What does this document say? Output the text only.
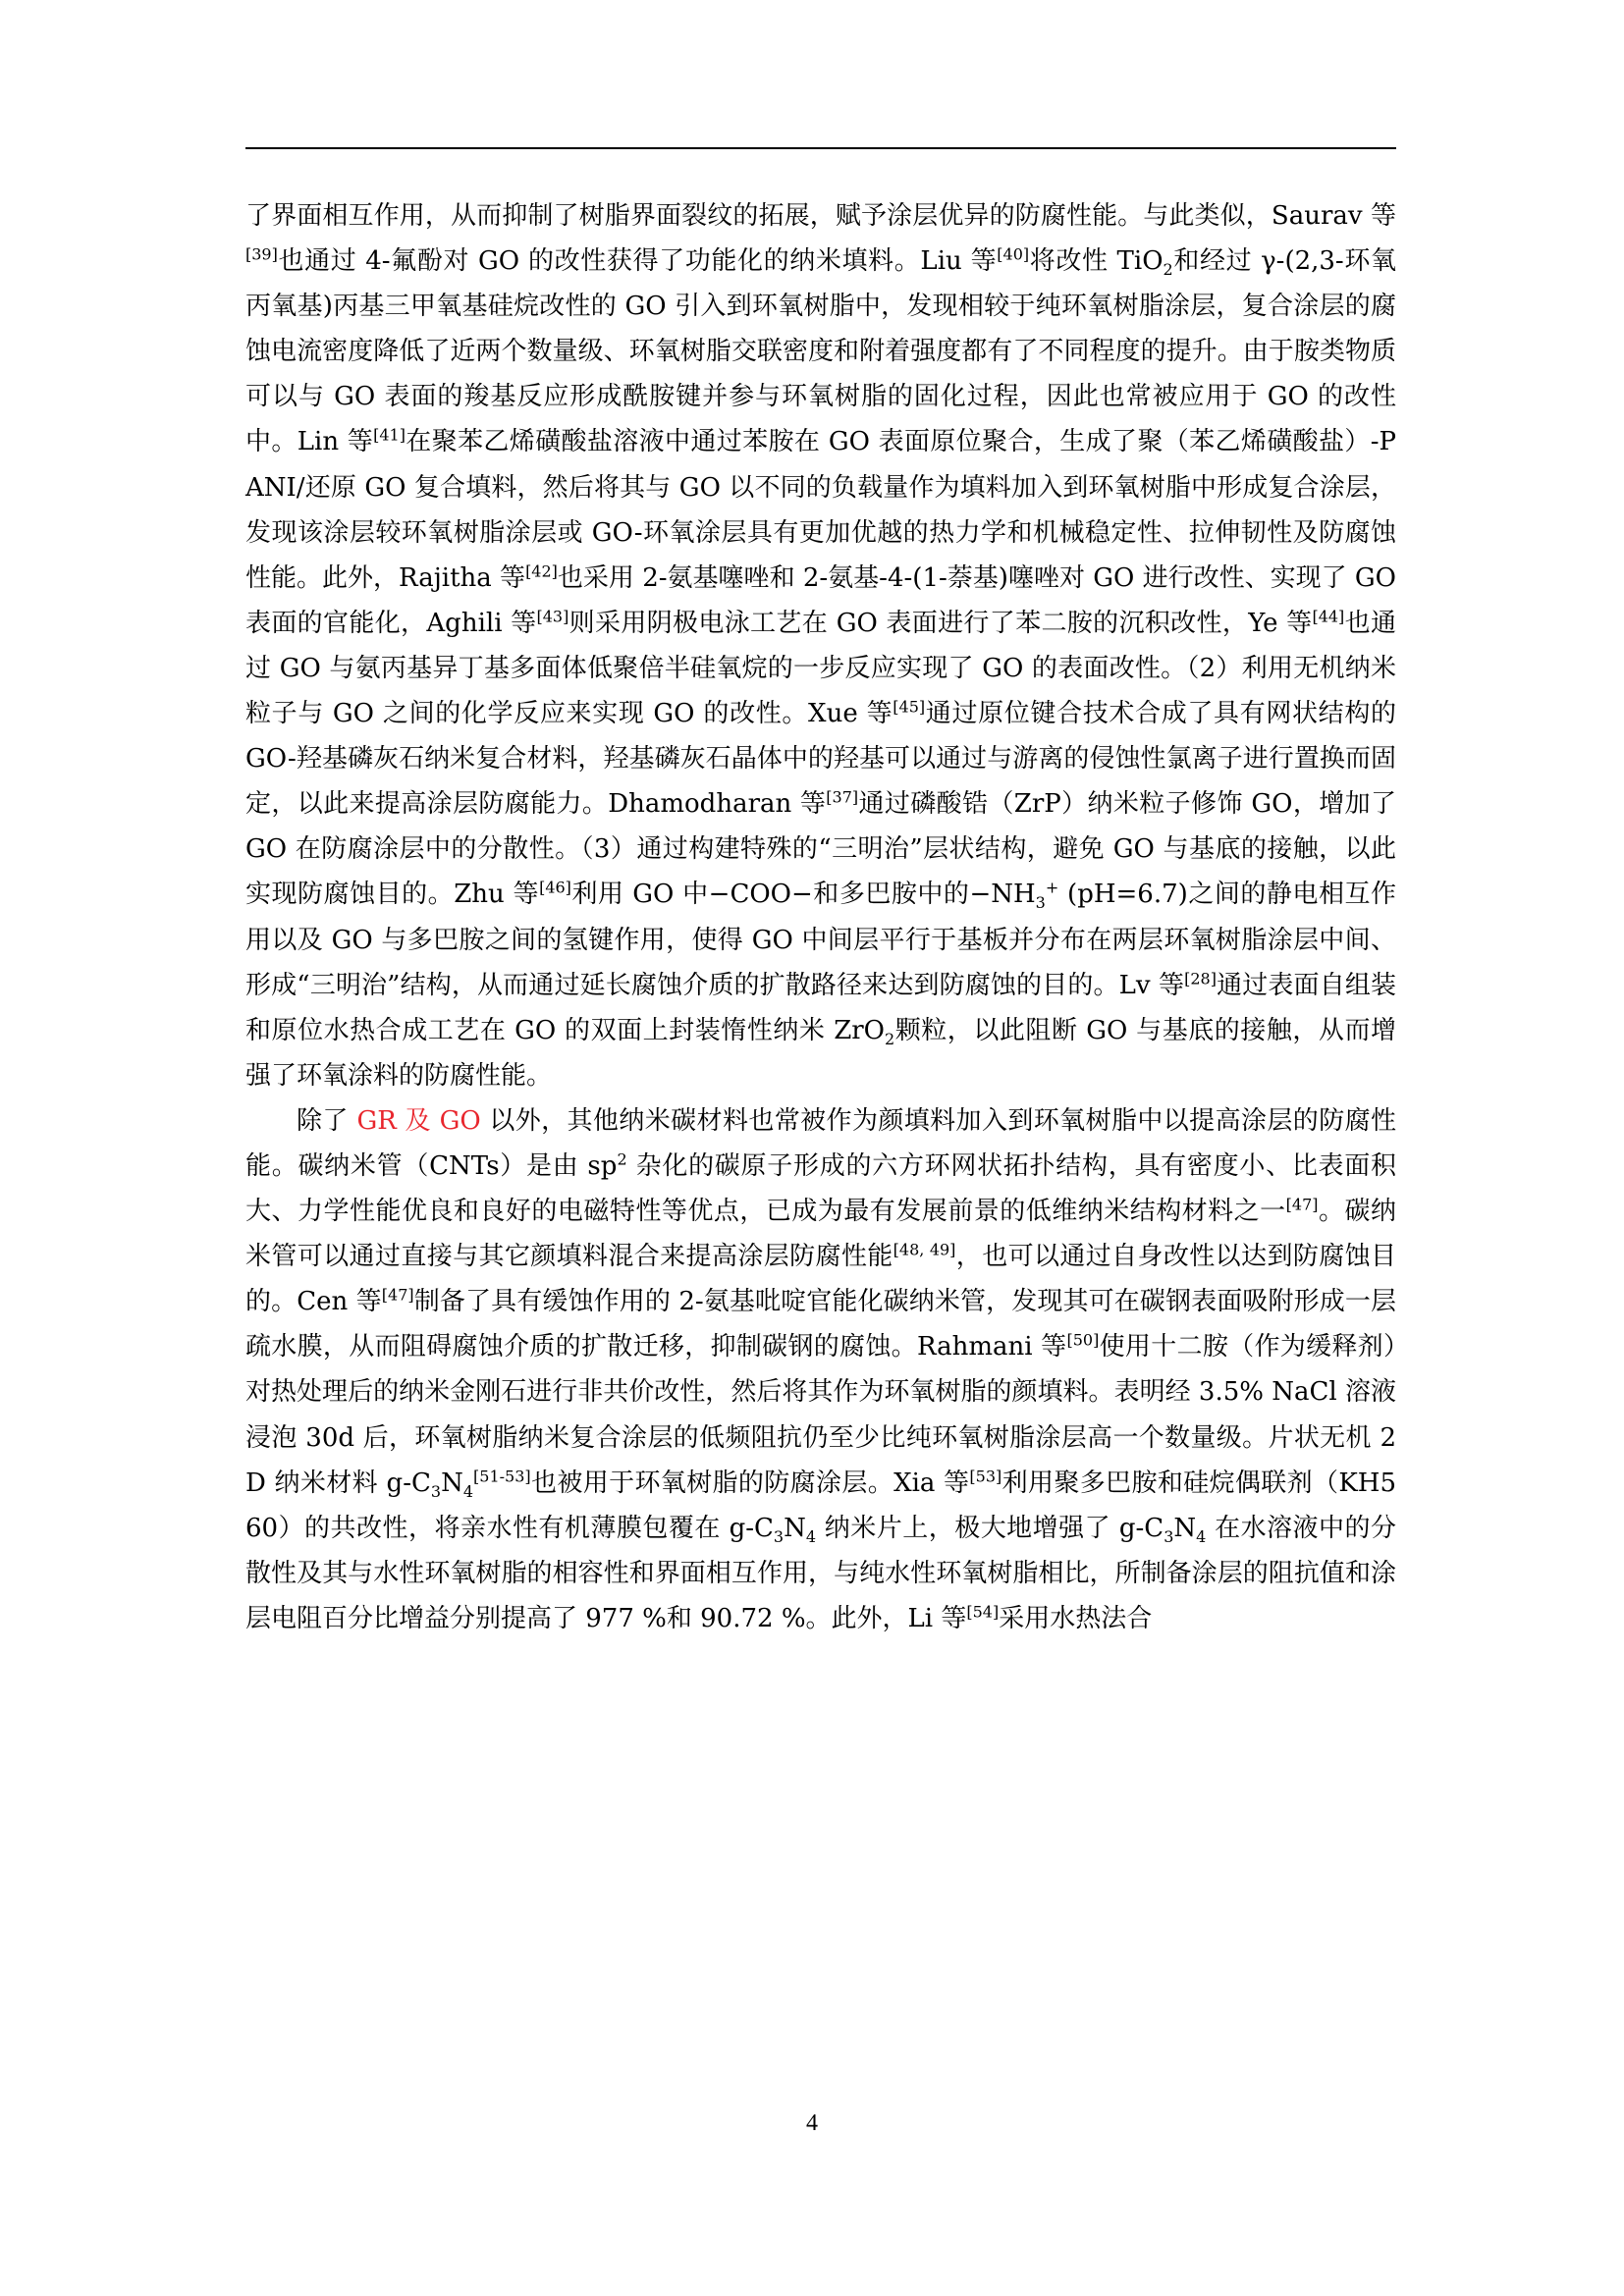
了界面相互作用，从而抑制了树脂界面裂纹的拓展，赋予涂层优异的防腐性能。与此类似，Saurav 等[39]也通过 4-氟酚对 GO 的改性获得了功能化的纳米填料。Liu 等[40]将改性 TiO$_2$和经过 γ-(2,3-环氧丙氧基)丙基三甲氧基硅烷改性的 GO 引入到环氧树脂中，发现相较于纯环氧树脂涂层，复合涂层的腐蚀电流密度降低了近两个数量级、环氧树脂交联密度和附着强度都有了不同程度的提升。由于胺类物质可以与 GO 表面的羧基反应形成酰胺键并参与环氧树脂的固化过程，因此也常被应用于 GO 的改性中。Lin 等[41]在聚苯乙烯磺酸盐溶液中通过苯胺在 GO 表面原位聚合，生成了聚（苯乙烯磺酸盐）-PANI/还原 GO 复合填料，然后将其与 GO 以不同的负载量作为填料加入到环氧树脂中形成复合涂层，发现该涂层较环氧树脂涂层或 GO-环氧涂层具有更加优越的热力学和机械稳定性、拉伸韧性及防腐蚀性能。此外，Rajitha 等[42]也采用 2-氨基噻唑和 2-氨基-4-(1-萘基)噻唑对 GO 进行改性、实现了 GO 表面的官能化，Aghili 等[43]则采用阴极电泳工艺在 GO 表面进行了苯二胺的沉积改性，Ye 等[44]也通过 GO 与氨丙基异丁基多面体低聚倍半硅氧烷的一步反应实现了 GO 的表面改性。（2）利用无机纳米粒子与 GO 之间的化学反应来实现 GO 的改性。Xue 等[45]通过原位键合技术合成了具有网状结构的 GO-羟基磷灰石纳米复合材料，羟基磷灰石晶体中的羟基可以通过与游离的侵蚀性氯离子进行置换而固定，以此来提高涂层防腐能力。Dhamodharan 等[37]通过磷酸锆（ZrP）纳米粒子修饰 GO，增加了 GO 在防腐涂层中的分散性。（3）通过构建特殊的“三明治”层状结构，避免 GO 与基底的接触，以此实现防腐蚀目的。Zhu 等[46]利用 GO 中−COO−和多巴胺中的$-NH_3^+$ (pH=6.7)之间的静电相互作用以及 GO 与多巴胺之间的氢键作用，使得 GO 中间层平行于基板并分布在两层环氧树脂涂层中间、形成“三明治”结构，从而通过延长腐蚀介质的扩散路径来达到防腐蚀的目的。Lv 等[28]通过表面自组装和原位水热合成工艺在 GO 的双面上封装惰性纳米 ZrO$_2$颗粒，以此阻断 GO 与基底的接触，从而增强了环氧涂料的防腐性能。

除了 GR 及 GO 以外，其他纳米碳材料也常被作为颜填料加入到环氧树脂中以提高涂层的防腐性能。碳纳米管（CNTs）是由 $sp^2$ 杂化的碳原子形成的六方环网状拓扑结构，具有密度小、比表面积大、力学性能优良和良好的电磁特性等优点，已成为最有发展前景的低维纳米结构材料之一[47]。碳纳米管可以通过直接与其它颜填料混合来提高涂层防腐性能[48, 49]，也可以通过自身改性以达到防腐蚀目的。Cen 等[47]制备了具有缓蚀作用的 2-氨基吡啶官能化碳纳米管，发现其可在碳钢表面吸附形成一层疏水膜，从而阻碍腐蚀介质的扩散迁移，抑制碳钢的腐蚀。Rahmani 等[50]使用十二胺（作为缓释剂）对热处理后的纳米金刚石进行非共价改性，然后将其作为环氧树脂的颜填料。表明经 3.5% NaCl 溶液浸泡 30d 后，环氧树脂纳米复合涂层的低频阻抗仍至少比纯环氧树脂涂层高一个数量级。片状无机 2D 纳米材料 $g-C_3N_4[51-53]$也被用于环氧树脂的防腐涂层。Xia 等[53]利用聚多巴胺和硅烷偶联剂（KH560）的共改性，将亲水性有机薄膜包覆在 $g-C_3N_4$ 纳米片上，极大地增强了 $g-C_3N_4$ 在水溶液中的分散性及其与水性环氧树脂的相容性和界面相互作用，与纯水性环氧树脂相比，所制备涂层的阻抗值和涂层电阻百分比增益分别提高了 977 %和 90.72 %。此外，Li 等[54]采用水热法合

4
